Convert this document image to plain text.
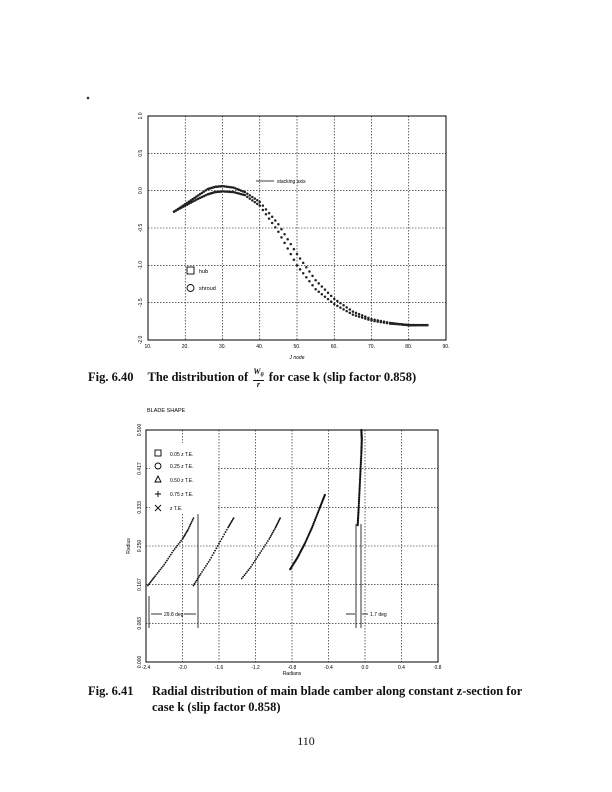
10.	20.	30.	40.	50.	60.	70.	80.	90.
1.0
0.5
0.0
-0.5
-1.0
-1.5
-2.0
J node
hub
shroud
stacking axis
BLADE SHAPE
-2.4	-2.0	-1.6	-1.2	-0.8	-0.4	0.0	0.4	0.8
0.500
0.417
0.333
0.250
0.167
0.083
0.000
Radians
Radius
0.05 z T.E.
0.25 z T.E.
0.50 z T.E.
0.75 z T.E.
z T.E.
29.8 deg	1.7 deg
Fig. 6.40 The distribution of $\frac{W_\theta}{r}$ for case k (slip factor 0.858)
Fig. 6.41 Radial distribution of main blade camber along constant z-section for
case k (slip factor 0.858)
110
